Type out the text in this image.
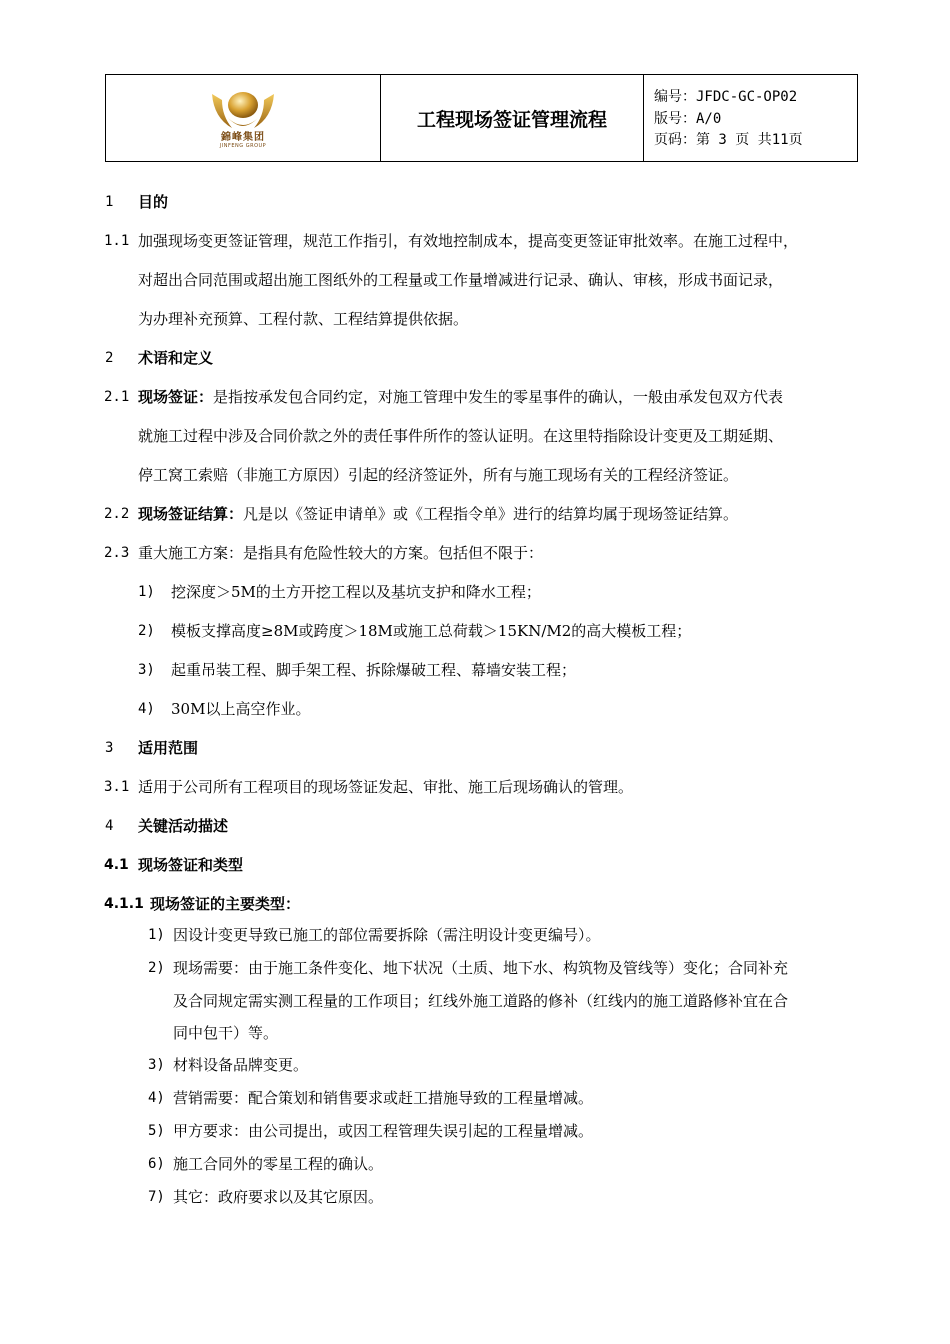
錦峰集团
JINFENG GROUP
工程现场签证管理流程
编号：JFDC-GC-OP02
版号：A/0
页码：第 3 页 共11页
1 目的
1.1 加强现场变更签证管理，规范工作指引，有效地控制成本，提高变更签证审批效率。在施工过程中，
对超出合同范围或超出施工图纸外的工程量或工作量增减进行记录、确认、审核，形成书面记录，
为办理补充预算、工程付款、工程结算提供依据。
2 术语和定义
2.1 现场签证：是指按承发包合同约定，对施工管理中发生的零星事件的确认，一般由承发包双方代表
就施工过程中涉及合同价款之外的责任事件所作的签认证明。在这里特指除设计变更及工期延期、
停工窝工索赔（非施工方原因）引起的经济签证外，所有与施工现场有关的工程经济签证。
2.2 现场签证结算：凡是以《签证申请单》或《工程指令单》进行的结算均属于现场签证结算。
2.3 重大施工方案：是指具有危险性较大的方案。包括但不限于：
1) 挖深度＞5M的土方开挖工程以及基坑支护和降水工程；
2) 模板支撑高度≥8M或跨度＞18M或施工总荷载＞15KN/M2的高大模板工程；
3) 起重吊装工程、脚手架工程、拆除爆破工程、幕墙安装工程；
4) 30M以上高空作业。
3 适用范围
3.1 适用于公司所有工程项目的现场签证发起、审批、施工后现场确认的管理。
4 关键活动描述
4.1 现场签证和类型
4.1.1 现场签证的主要类型：
1) 因设计变更导致已施工的部位需要拆除（需注明设计变更编号）。
2) 现场需要：由于施工条件变化、地下状况（土质、地下水、构筑物及管线等）变化；合同补充
及合同规定需实测工程量的工作项目；红线外施工道路的修补（红线内的施工道路修补宜在合
同中包干）等。
3) 材料设备品牌变更。
4) 营销需要：配合策划和销售要求或赶工措施导致的工程量增减。
5) 甲方要求：由公司提出，或因工程管理失误引起的工程量增减。
6) 施工合同外的零星工程的确认。
7) 其它：政府要求以及其它原因。
